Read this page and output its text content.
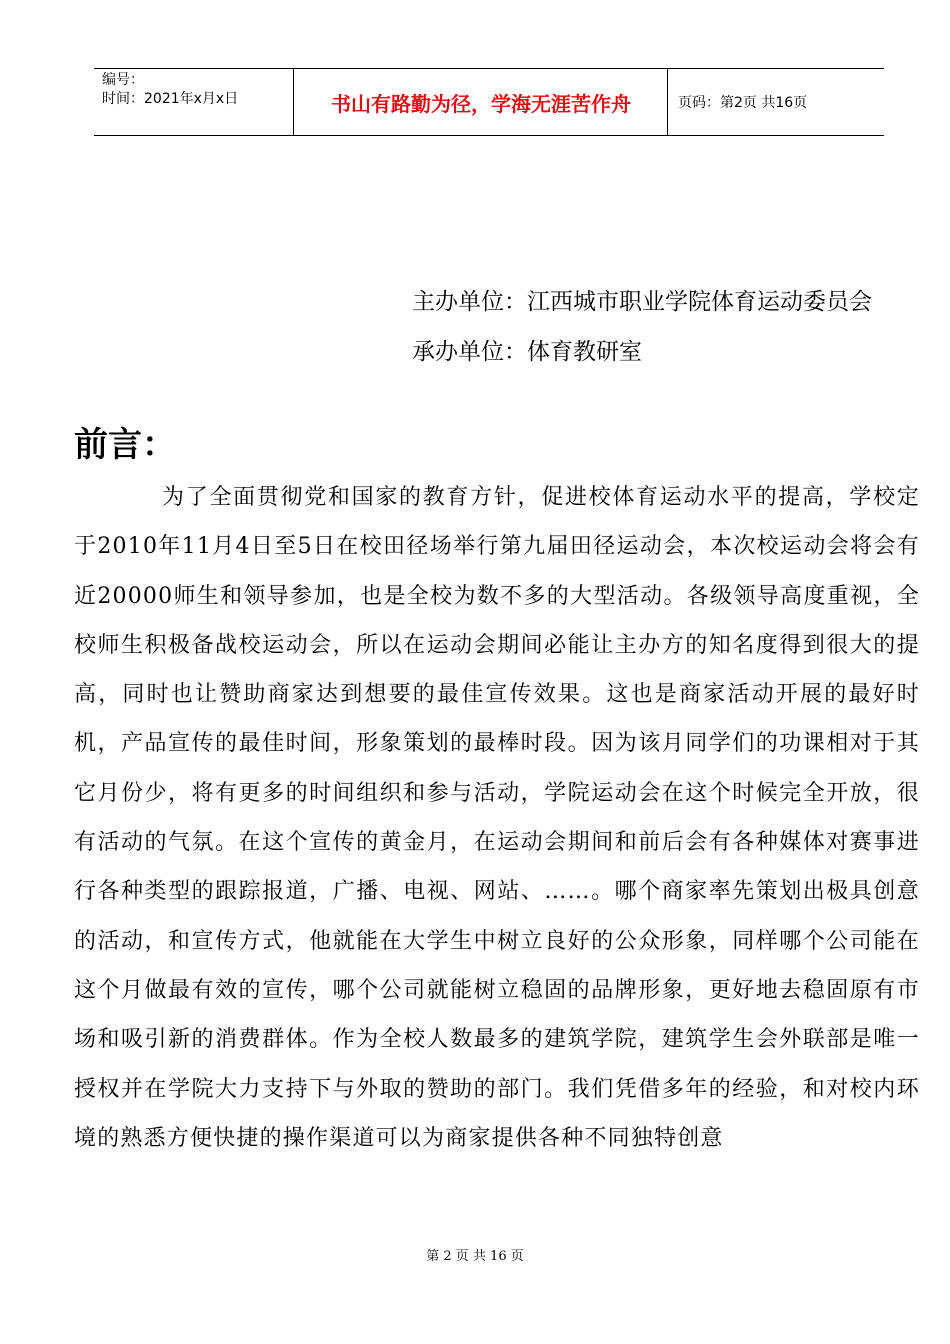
编号：
时间：2021年x月x日	书山有路勤为径，学海无涯苦作舟	页码：第2页 共16页
主办单位：江西城市职业学院体育运动委员会
承办单位：体育教研室
前言：
为了全面贯彻党和国家的教育方针，促进校体育运动水平的提高，学校定于2010年11月4日至5日在校田径场举行第九届田径运动会，本次校运动会将会有近20000师生和领导参加，也是全校为数不多的大型活动。各级领导高度重视，全校师生积极备战校运动会，所以在运动会期间必能让主办方的知名度得到很大的提高，同时也让赞助商家达到想要的最佳宣传效果。这也是商家活动开展的最好时机，产品宣传的最佳时间，形象策划的最棒时段。因为该月同学们的功课相对于其它月份少，将有更多的时间组织和参与活动，学院运动会在这个时候完全开放，很有活动的气氛。在这个宣传的黄金月，在运动会期间和前后会有各种媒体对赛事进行各种类型的跟踪报道，广播、电视、网站、……。哪个商家率先策划出极具创意的活动，和宣传方式，他就能在大学生中树立良好的公众形象，同样哪个公司能在这个月做最有效的宣传，哪个公司就能树立稳固的品牌形象，更好地去稳固原有市场和吸引新的消费群体。作为全校人数最多的建筑学院，建筑学生会外联部是唯一授权并在学院大力支持下与外取的赞助的部门。我们凭借多年的经验，和对校内环境的熟悉方便快捷的操作渠道可以为商家提供各种不同独特创意
第 2 页 共 16 页
